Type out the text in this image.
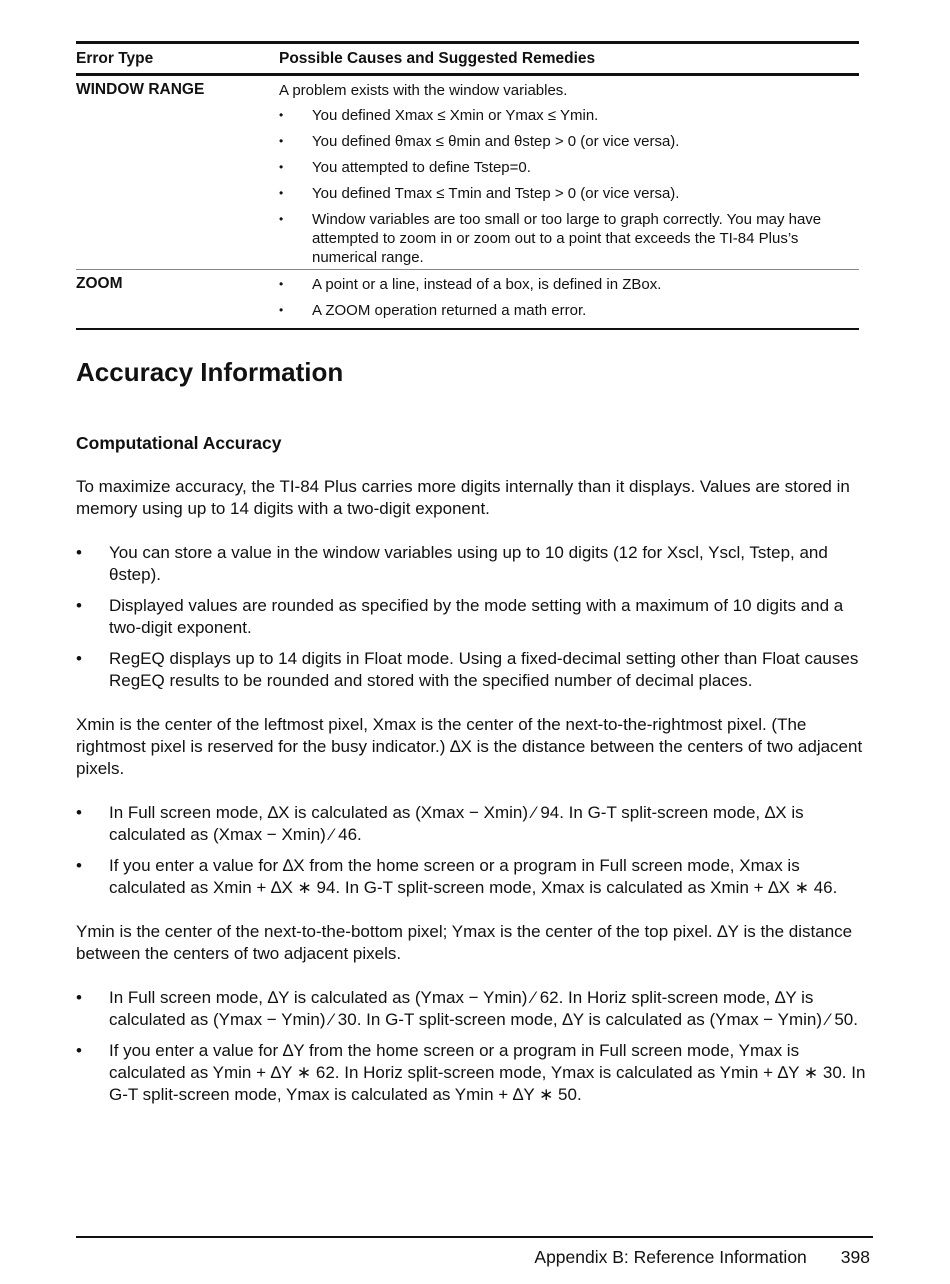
Error Type	Possible Causes and Suggested Remedies
WINDOW RANGE	A problem exists with the window variables.
• You defined Xmax ≤ Xmin or Ymax ≤ Ymin.
• You defined θmax ≤ θmin and θstep > 0 (or vice versa).
• You attempted to define Tstep=0.
• You defined Tmax ≤ Tmin and Tstep > 0 (or vice versa).
• Window variables are too small or too large to graph correctly. You may have attempted to zoom in or zoom out to a point that exceeds the TI-84 Plus’s numerical range.
ZOOM
•	A point or a line, instead of a box, is defined in ZBox.
• A ZOOM operation returned a math error.
Accuracy Information
Computational Accuracy

To maximize accuracy, the TI-84 Plus carries more digits internally than it displays. Values are stored in memory using up to 14 digits with a two-digit exponent.

• You can store a value in the window variables using up to 10 digits (12 for Xscl, Yscl, Tstep, and θstep).
• Displayed values are rounded as specified by the mode setting with a maximum of 10 digits and a two-digit exponent.
• RegEQ displays up to 14 digits in Float mode. Using a fixed-decimal setting other than Float causes RegEQ results to be rounded and stored with the specified number of decimal places.

Xmin is the center of the leftmost pixel, Xmax is the center of the next-to-the-rightmost pixel. (The rightmost pixel is reserved for the busy indicator.) ∆X is the distance between the centers of two adjacent pixels.

• In Full screen mode, ∆X is calculated as (Xmax − Xmin) ⁄ 94. In G-T split-screen mode, ∆X is calculated as (Xmax − Xmin) ⁄ 46.
• If you enter a value for ∆X from the home screen or a program in Full screen mode, Xmax is calculated as Xmin + ∆X ∗ 94. In G-T split-screen mode, Xmax is calculated as Xmin + ∆X ∗ 46.

Ymin is the center of the next-to-the-bottom pixel; Ymax is the center of the top pixel. ∆Y is the distance between the centers of two adjacent pixels.

• In Full screen mode, ∆Y is calculated as (Ymax − Ymin) ⁄ 62. In Horiz split-screen mode, ∆Y is calculated as (Ymax − Ymin) ⁄ 30. In G-T split-screen mode, ∆Y is calculated as (Ymax − Ymin) ⁄ 50.
• If you enter a value for ∆Y from the home screen or a program in Full screen mode, Ymax is calculated as Ymin + ∆Y ∗ 62. In Horiz split-screen mode, Ymax is calculated as Ymin + ∆Y ∗ 30. In G-T split-screen mode, Ymax is calculated as Ymin + ∆Y ∗ 50.
Appendix B: Reference Information 398
